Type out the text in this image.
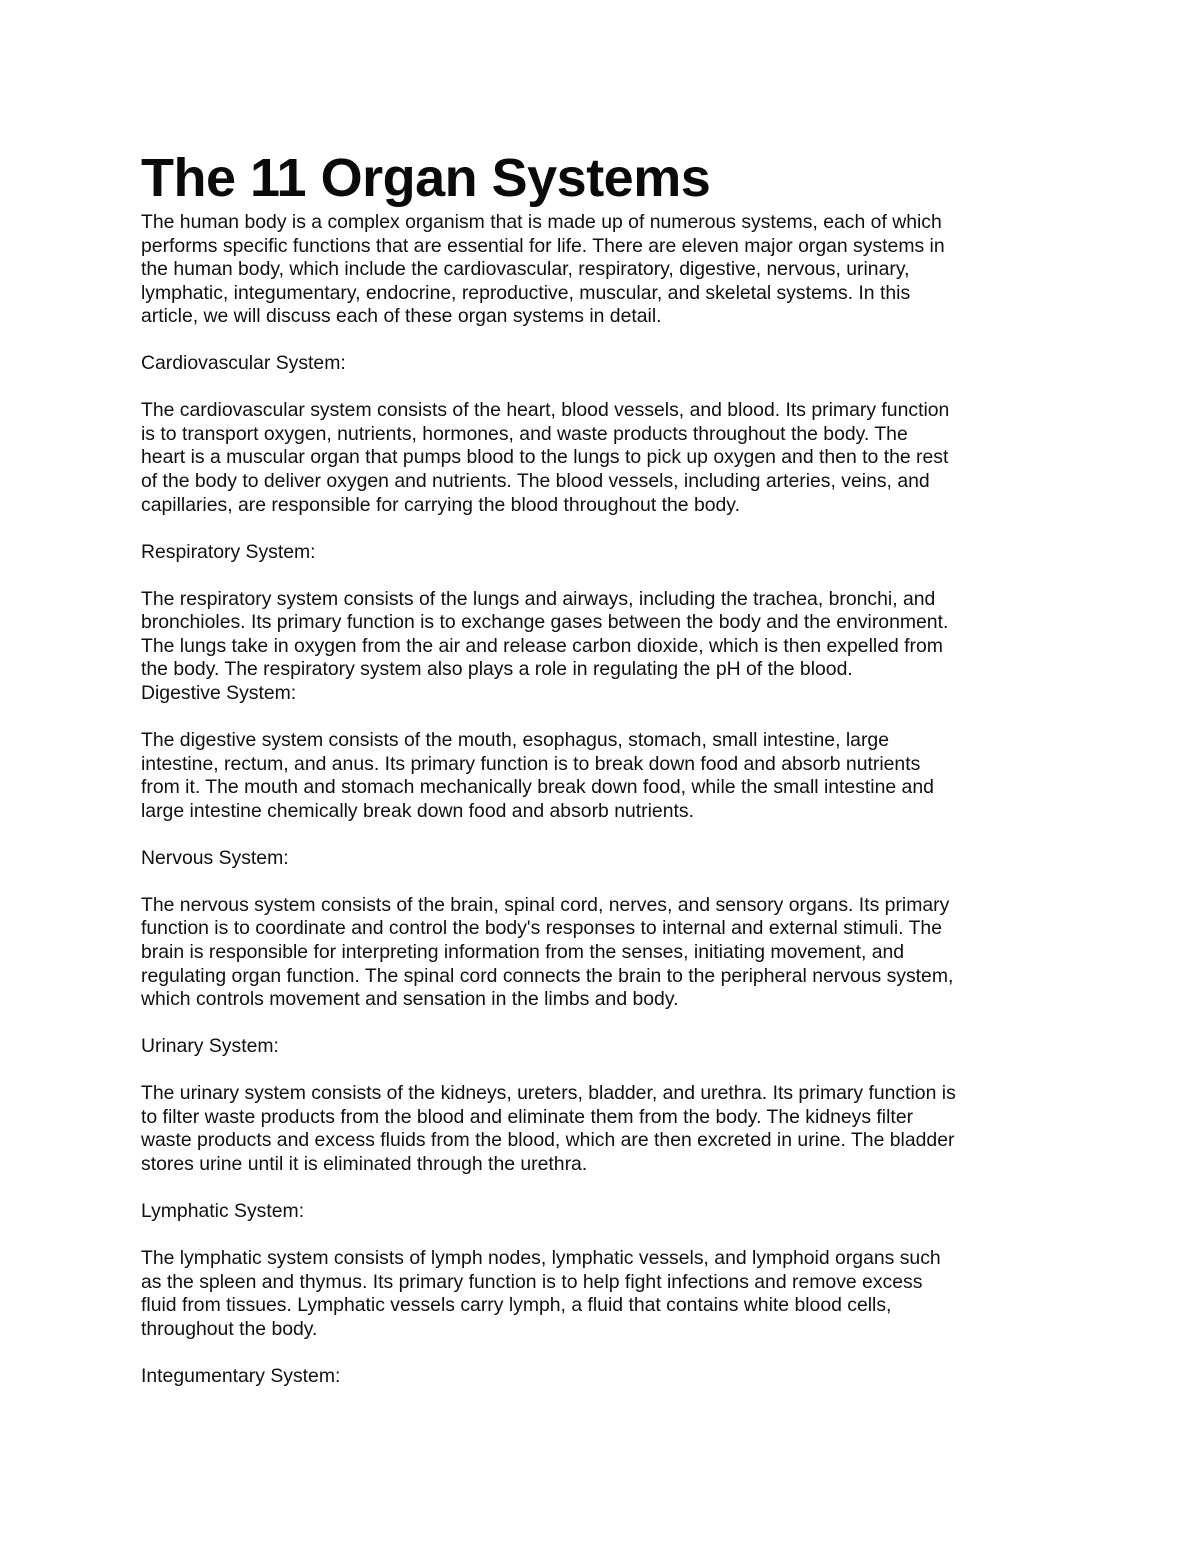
The 11 Organ Systems

The human body is a complex organism that is made up of numerous systems, each of which
performs specific functions that are essential for life. There are eleven major organ systems in
the human body, which include the cardiovascular, respiratory, digestive, nervous, urinary,
lymphatic, integumentary, endocrine, reproductive, muscular, and skeletal systems. In this
article, we will discuss each of these organ systems in detail.

Cardiovascular System:

The cardiovascular system consists of the heart, blood vessels, and blood. Its primary function
is to transport oxygen, nutrients, hormones, and waste products throughout the body. The
heart is a muscular organ that pumps blood to the lungs to pick up oxygen and then to the rest
of the body to deliver oxygen and nutrients. The blood vessels, including arteries, veins, and
capillaries, are responsible for carrying the blood throughout the body.

Respiratory System:

The respiratory system consists of the lungs and airways, including the trachea, bronchi, and
bronchioles. Its primary function is to exchange gases between the body and the environment.
The lungs take in oxygen from the air and release carbon dioxide, which is then expelled from
the body. The respiratory system also plays a role in regulating the pH of the blood.

Digestive System:

The digestive system consists of the mouth, esophagus, stomach, small intestine, large
intestine, rectum, and anus. Its primary function is to break down food and absorb nutrients
from it. The mouth and stomach mechanically break down food, while the small intestine and
large intestine chemically break down food and absorb nutrients.

Nervous System:

The nervous system consists of the brain, spinal cord, nerves, and sensory organs. Its primary
function is to coordinate and control the body's responses to internal and external stimuli. The
brain is responsible for interpreting information from the senses, initiating movement, and
regulating organ function. The spinal cord connects the brain to the peripheral nervous system,
which controls movement and sensation in the limbs and body.

Urinary System:

The urinary system consists of the kidneys, ureters, bladder, and urethra. Its primary function is
to filter waste products from the blood and eliminate them from the body. The kidneys filter
waste products and excess fluids from the blood, which are then excreted in urine. The bladder
stores urine until it is eliminated through the urethra.

Lymphatic System:

The lymphatic system consists of lymph nodes, lymphatic vessels, and lymphoid organs such
as the spleen and thymus. Its primary function is to help fight infections and remove excess
fluid from tissues. Lymphatic vessels carry lymph, a fluid that contains white blood cells,
throughout the body.

Integumentary System:
